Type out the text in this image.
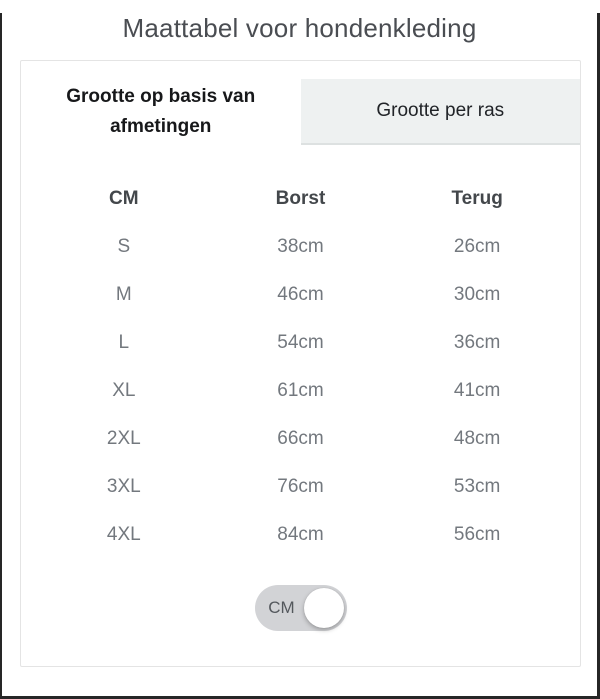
Maattabel voor hondenkleding
Grootte op basis van afmetingen
Grootte per ras
CM	Borst	Terug
S	38cm	26cm
M	46cm	30cm
L	54cm	36cm
XL	61cm	41cm
2XL	66cm	48cm
3XL	76cm	53cm
4XL	84cm	56cm
CM
